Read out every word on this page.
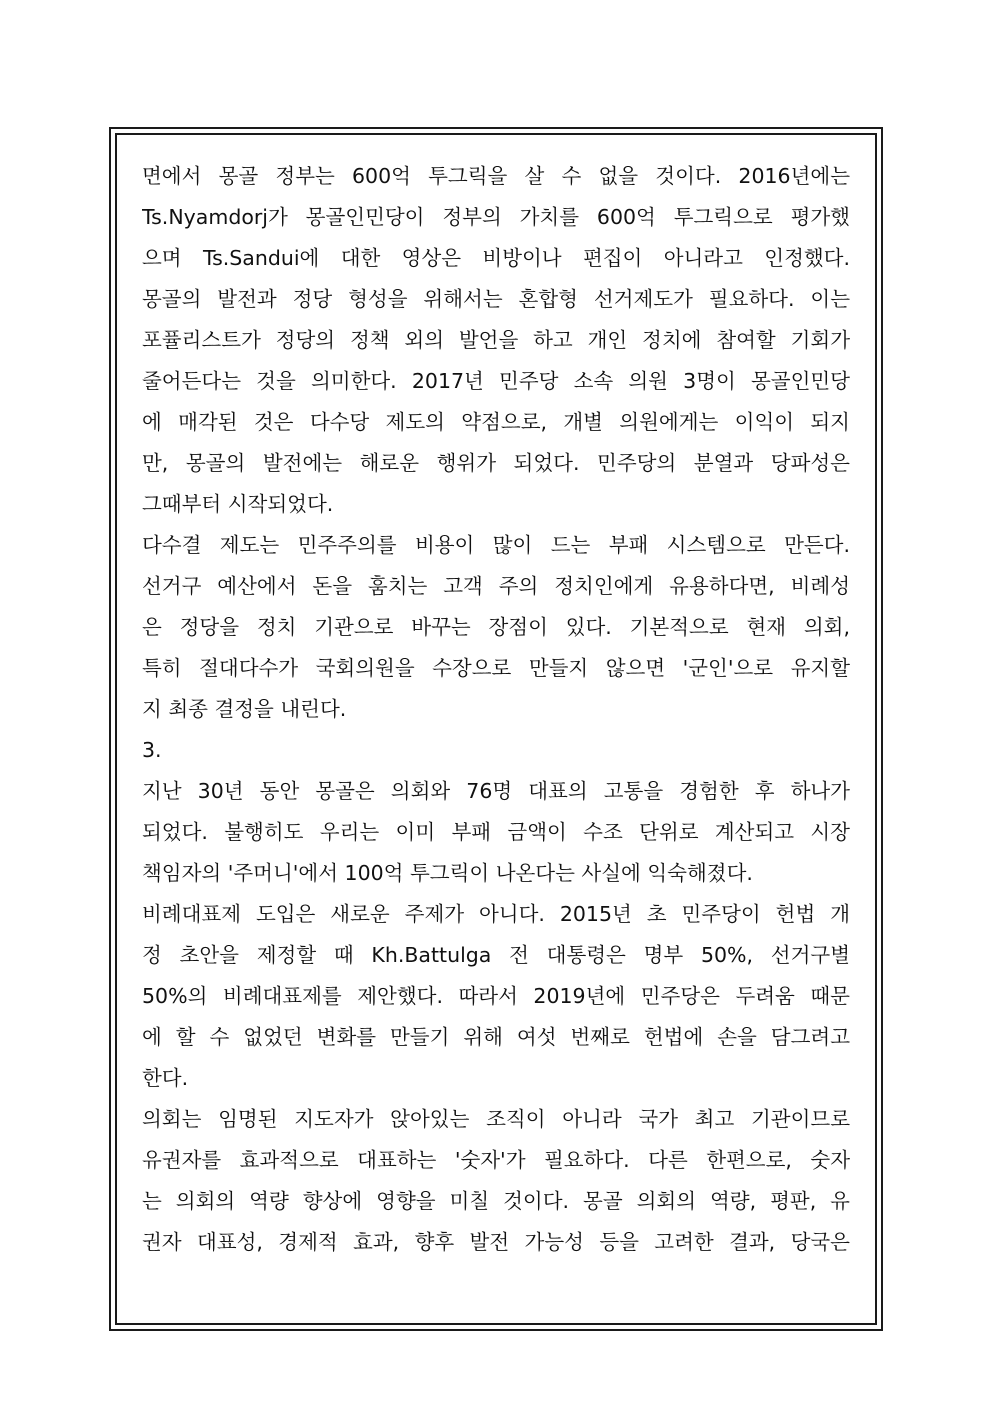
면에서 몽골 정부는 600억 투그릭을 살 수 없을 것이다. 2016년에는
Ts.Nyamdorj가 몽골인민당이 정부의 가치를 600억 투그릭으로 평가했
으며 Ts.Sandui에 대한 영상은 비방이나 편집이 아니라고 인정했다.
몽골의 발전과 정당 형성을 위해서는 혼합형 선거제도가 필요하다. 이는
포퓰리스트가 정당의 정책 외의 발언을 하고 개인 정치에 참여할 기회가
줄어든다는 것을 의미한다. 2017년 민주당 소속 의원 3명이 몽골인민당
에 매각된 것은 다수당 제도의 약점으로, 개별 의원에게는 이익이 되지
만, 몽골의 발전에는 해로운 행위가 되었다. 민주당의 분열과 당파성은
그때부터 시작되었다.
다수결 제도는 민주주의를 비용이 많이 드는 부패 시스템으로 만든다.
선거구 예산에서 돈을 훔치는 고객 주의 정치인에게 유용하다면, 비례성
은 정당을 정치 기관으로 바꾸는 장점이 있다. 기본적으로 현재 의회,
특히 절대다수가 국회의원을 수장으로 만들지 않으면 '군인'으로 유지할
지 최종 결정을 내린다.
3.
지난 30년 동안 몽골은 의회와 76명 대표의 고통을 경험한 후 하나가
되었다. 불행히도 우리는 이미 부패 금액이 수조 단위로 계산되고 시장
책임자의 '주머니'에서 100억 투그릭이 나온다는 사실에 익숙해졌다.
비례대표제 도입은 새로운 주제가 아니다. 2015년 초 민주당이 헌법 개
정 초안을 제정할 때 Kh.Battulga 전 대통령은 명부 50%, 선거구별
50%의 비례대표제를 제안했다. 따라서 2019년에 민주당은 두려움 때문
에 할 수 없었던 변화를 만들기 위해 여섯 번째로 헌법에 손을 담그려고
한다.
의회는 임명된 지도자가 앉아있는 조직이 아니라 국가 최고 기관이므로
유권자를 효과적으로 대표하는 '숫자'가 필요하다. 다른 한편으로, 숫자
는 의회의 역량 향상에 영향을 미칠 것이다. 몽골 의회의 역량, 평판, 유
권자 대표성, 경제적 효과, 향후 발전 가능성 등을 고려한 결과, 당국은
